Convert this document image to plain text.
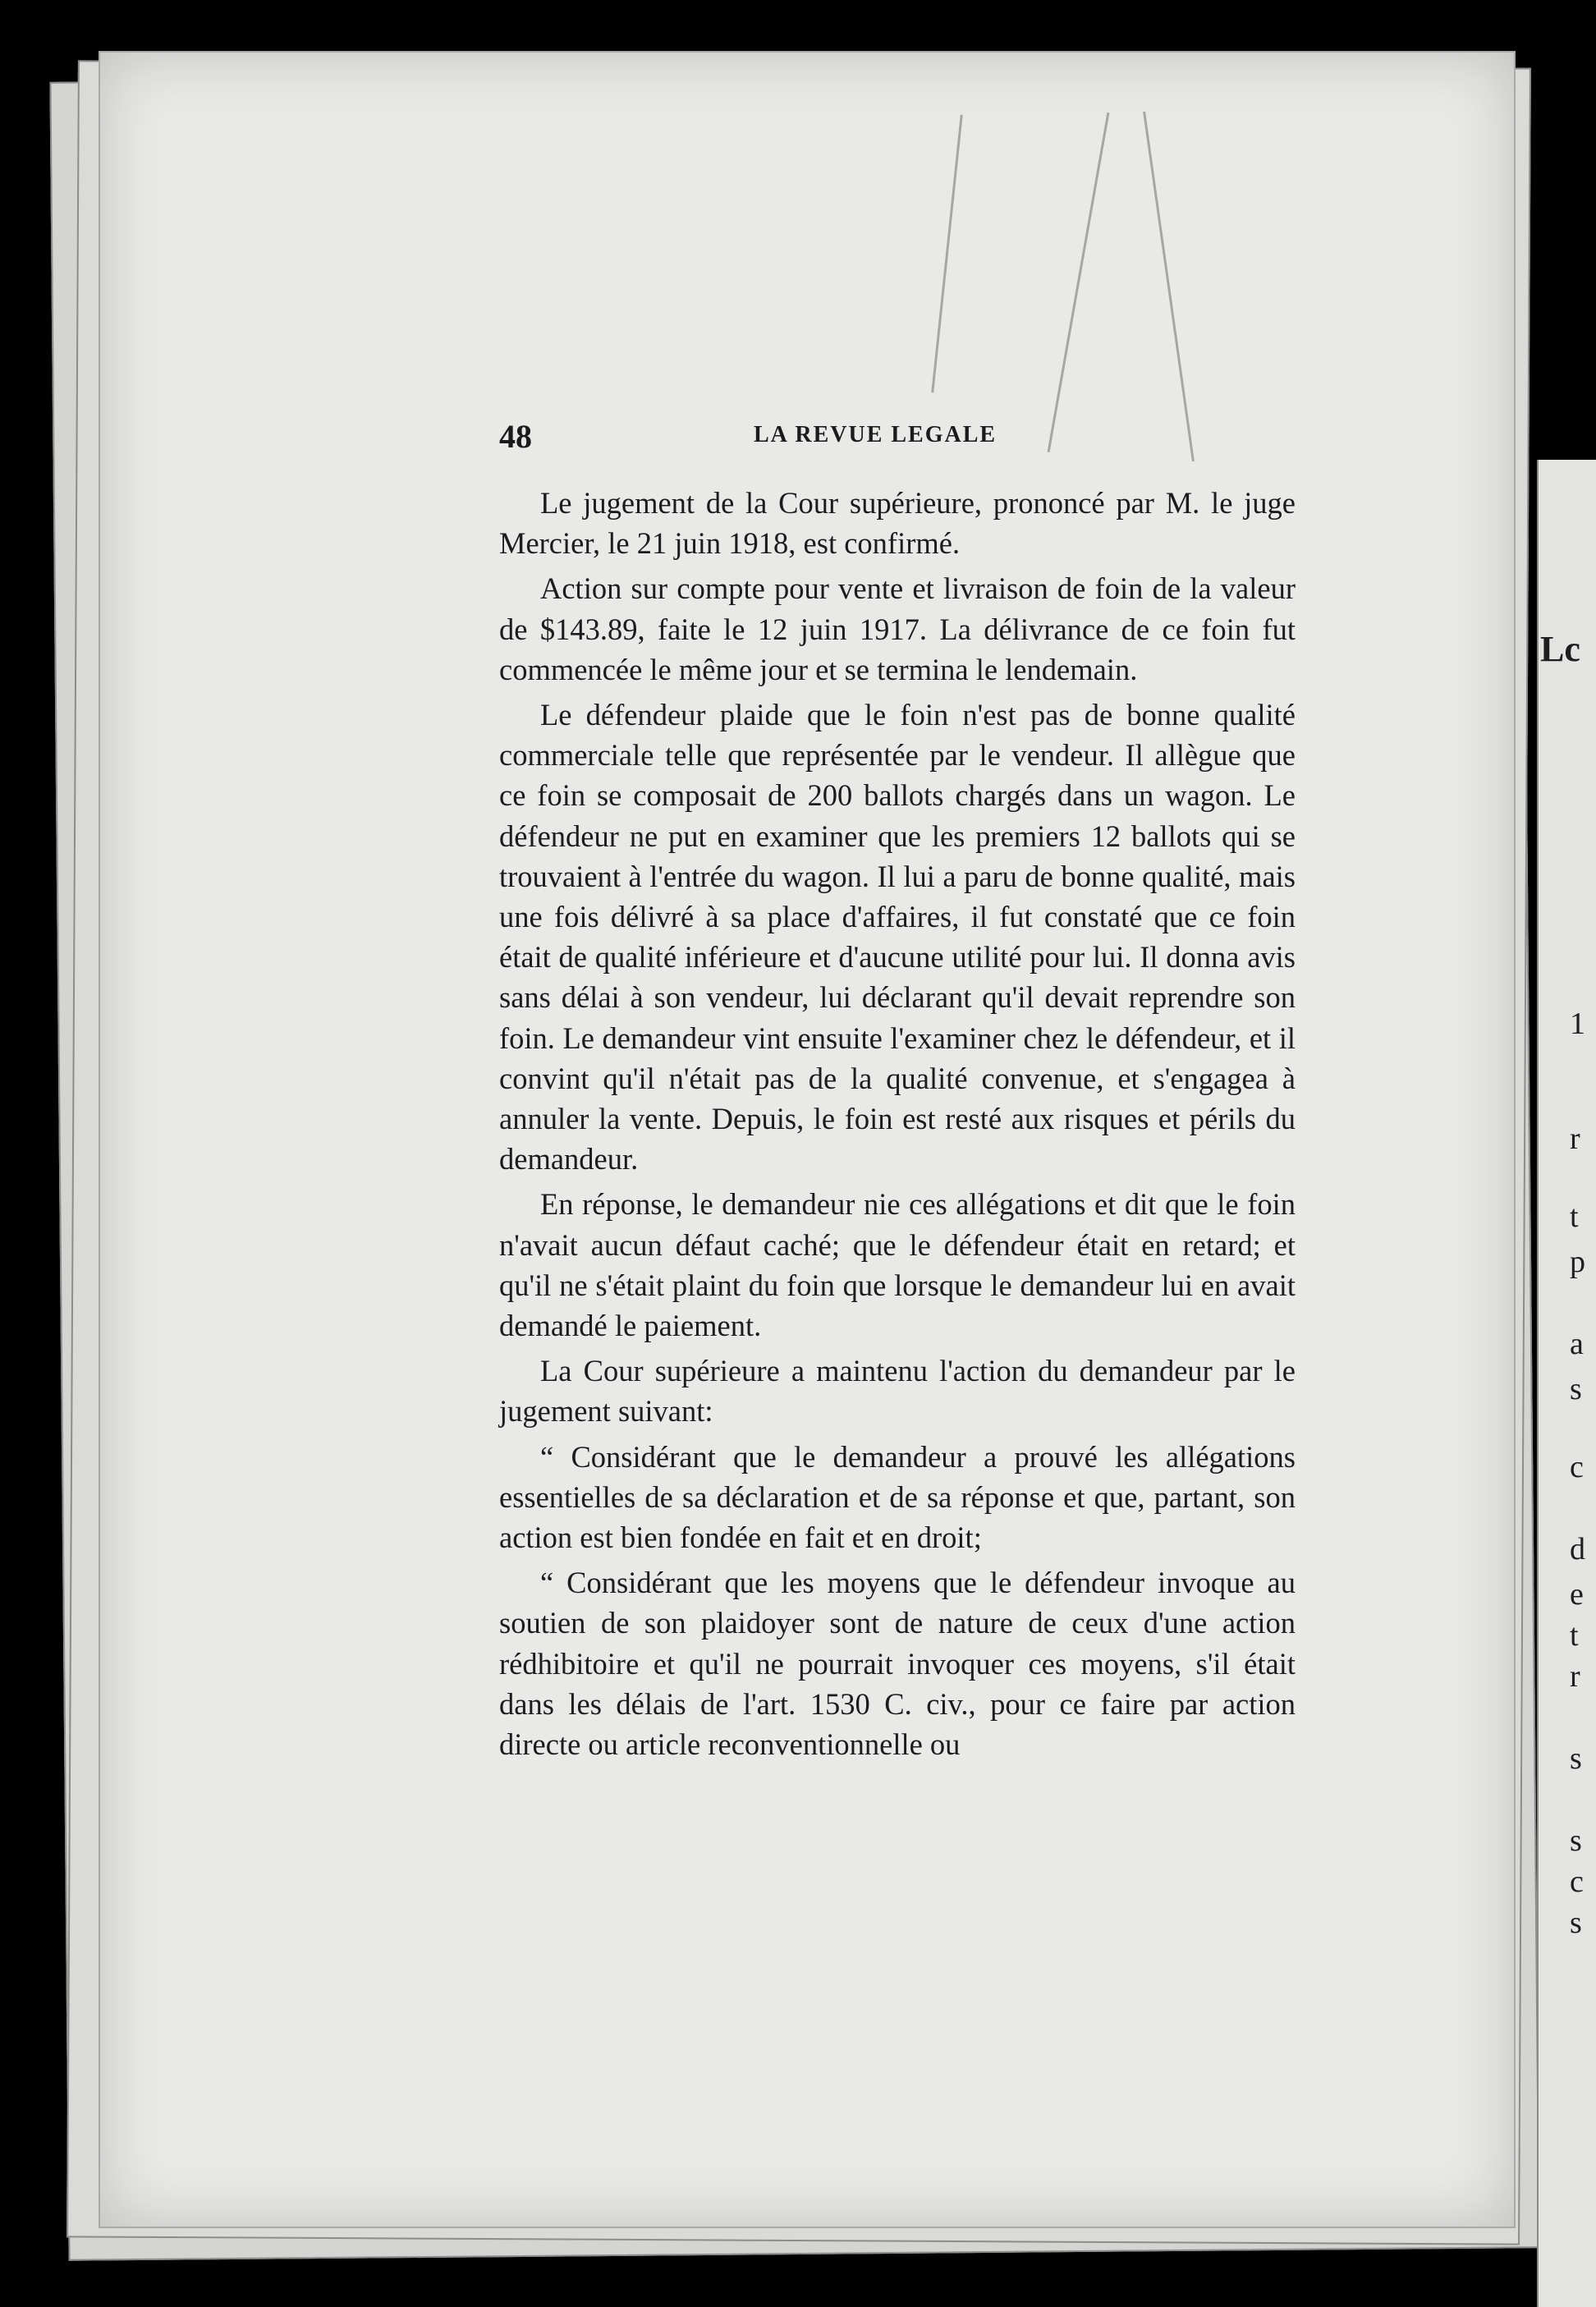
Lc
1
r
t
p
a
s
c
d
e
t
r
s
s
c
s
48	LA REVUE LEGALE

Le jugement de la Cour supérieure, prononcé par M. le juge Mercier, le 21 juin 1918, est confirmé.

Action sur compte pour vente et livraison de foin de la valeur de $143.89, faite le 12 juin 1917. La délivrance de ce foin fut commencée le même jour et se termina le lendemain.

Le défendeur plaide que le foin n'est pas de bonne qualité commerciale telle que représentée par le vendeur. Il allègue que ce foin se composait de 200 ballots chargés dans un wagon. Le défendeur ne put en examiner que les premiers 12 ballots qui se trouvaient à l'entrée du wagon. Il lui a paru de bonne qualité, mais une fois délivré à sa place d'affaires, il fut constaté que ce foin était de qualité inférieure et d'aucune utilité pour lui. Il donna avis sans délai à son vendeur, lui déclarant qu'il devait reprendre son foin. Le demandeur vint ensuite l'examiner chez le défendeur, et il convint qu'il n'était pas de la qualité convenue, et s'engagea à annuler la vente. Depuis, le foin est resté aux risques et périls du demandeur.

En réponse, le demandeur nie ces allégations et dit que le foin n'avait aucun défaut caché; que le défendeur était en retard; et qu'il ne s'était plaint du foin que lorsque le demandeur lui en avait demandé le paiement.

La Cour supérieure a maintenu l'action du demandeur par le jugement suivant:

“ Considérant que le demandeur a prouvé les allégations essentielles de sa déclaration et de sa réponse et que, partant, son action est bien fondée en fait et en droit;

“ Considérant que les moyens que le défendeur invoque au soutien de son plaidoyer sont de nature de ceux d'une action rédhibitoire et qu'il ne pourrait invoquer ces moyens, s'il était dans les délais de l'art. 1530 C. civ., pour ce faire par action directe ou article reconventionnelle ou
